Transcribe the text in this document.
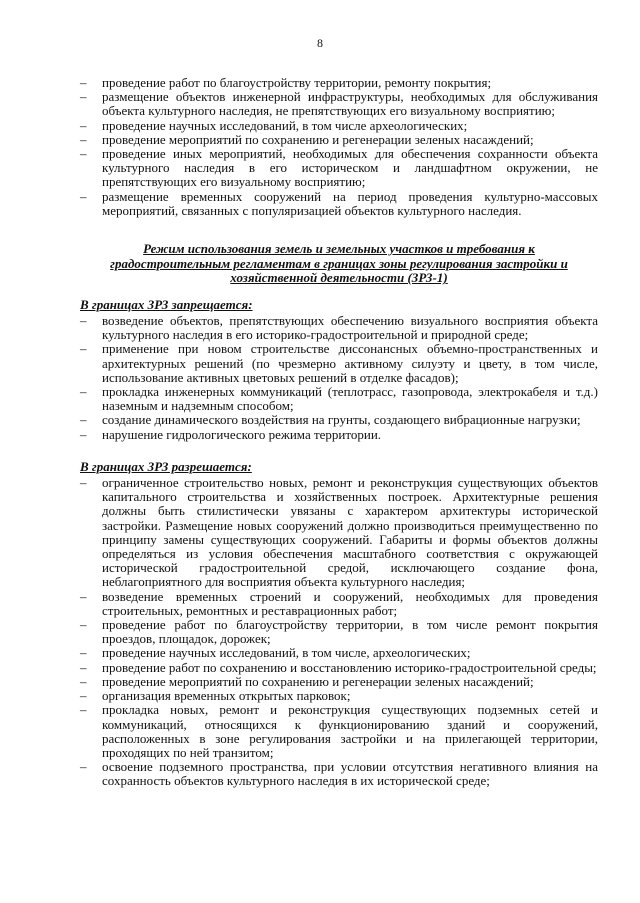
8
– проведение работ по благоустройству территории, ремонту покрытия;
– размещение объектов инженерной инфраструктуры, необходимых для обслуживания объекта культурного наследия, не препятствующих его визуальному восприятию;
– проведение научных исследований, в том числе археологических;
– проведение мероприятий по сохранению и регенерации зеленых насаждений;
– проведение иных мероприятий, необходимых для обеспечения сохранности объекта культурного наследия в его историческом и ландшафтном окружении, не препятствующих его визуальному восприятию;
– размещение временных сооружений на период проведения культурно-массовых мероприятий, связанных с популяризацией объектов культурного наследия.
Режим использования земель и земельных участков и требования к градостроительным регламентам в границах зоны регулирования застройки и хозяйственной деятельности (ЗРЗ-1)
В границах ЗРЗ запрещается:
– возведение объектов, препятствующих обеспечению визуального восприятия объекта культурного наследия в его историко-градостроительной и природной среде;
– применение при новом строительстве диссонансных объемно-пространственных и архитектурных решений (по чрезмерно активному силуэту и цвету, в том числе, использование активных цветовых решений в отделке фасадов);
– прокладка инженерных коммуникаций (теплотрасс, газопровода, электрокабеля и т.д.) наземным и надземным способом;
– создание динамического воздействия на грунты, создающего вибрационные нагрузки;
– нарушение гидрологического режима территории.
В границах ЗРЗ разрешается:
– ограниченное строительство новых, ремонт и реконструкция существующих объектов капитального строительства и хозяйственных построек. Архитектурные решения должны быть стилистически увязаны с характером архитектуры исторической застройки. Размещение новых сооружений должно производиться преимущественно по принципу замены существующих сооружений. Габариты и формы объектов должны определяться из условия обеспечения масштабного соответствия с окружающей исторической градостроительной средой, исключающего создание фона, неблагоприятного для восприятия объекта культурного наследия;
– возведение временных строений и сооружений, необходимых для проведения строительных, ремонтных и реставрационных работ;
– проведение работ по благоустройству территории, в том числе ремонт покрытия проездов, площадок, дорожек;
– проведение научных исследований, в том числе, археологических;
– проведение работ по сохранению и восстановлению историко-градостроительной среды;
– проведение мероприятий по сохранению и регенерации зеленых насаждений;
– организация временных открытых парковок;
– прокладка новых, ремонт и реконструкция существующих подземных сетей и коммуникаций, относящихся к функционированию зданий и сооружений, расположенных в зоне регулирования застройки и на прилегающей территории, проходящих по ней транзитом;
– освоение подземного пространства, при условии отсутствия негативного влияния на сохранность объектов культурного наследия в их исторической среде;
